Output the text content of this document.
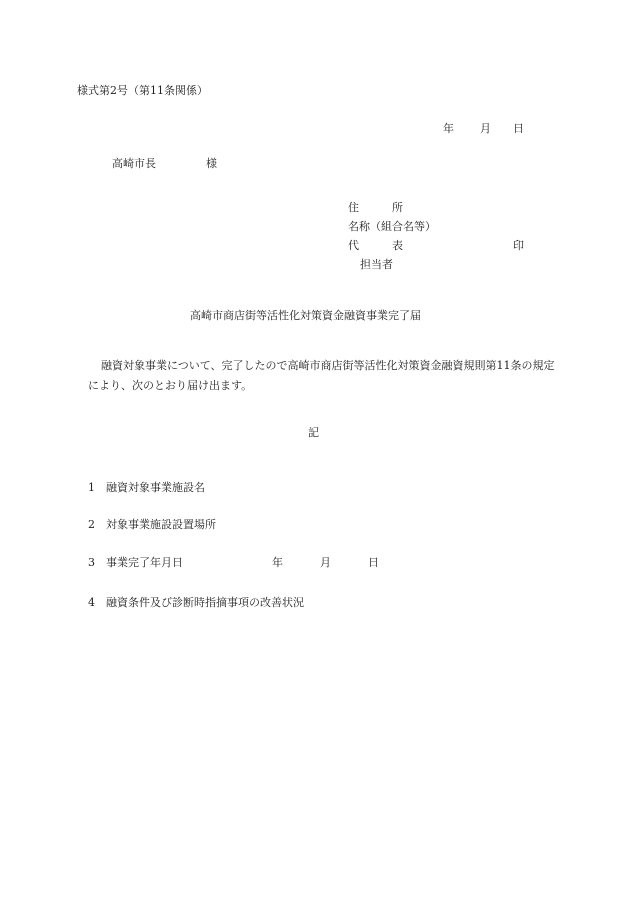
様式第2号（第11条関係）
年 月 日
高崎市長	様
住　　　所
名称（組合名等）
代　　　表	印
担当者
高崎市商店街等活性化対策資金融資事業完了届
融資対象事業について、完了したので高崎市商店街等活性化対策資金融資規則第11条の規定により、次のとおり届け出ます。
記
1 融資対象事業施設名
2 対象事業施設設置場所
3 事業完了年月日	年	月	日
4 融資条件及び診断時指摘事項の改善状況
